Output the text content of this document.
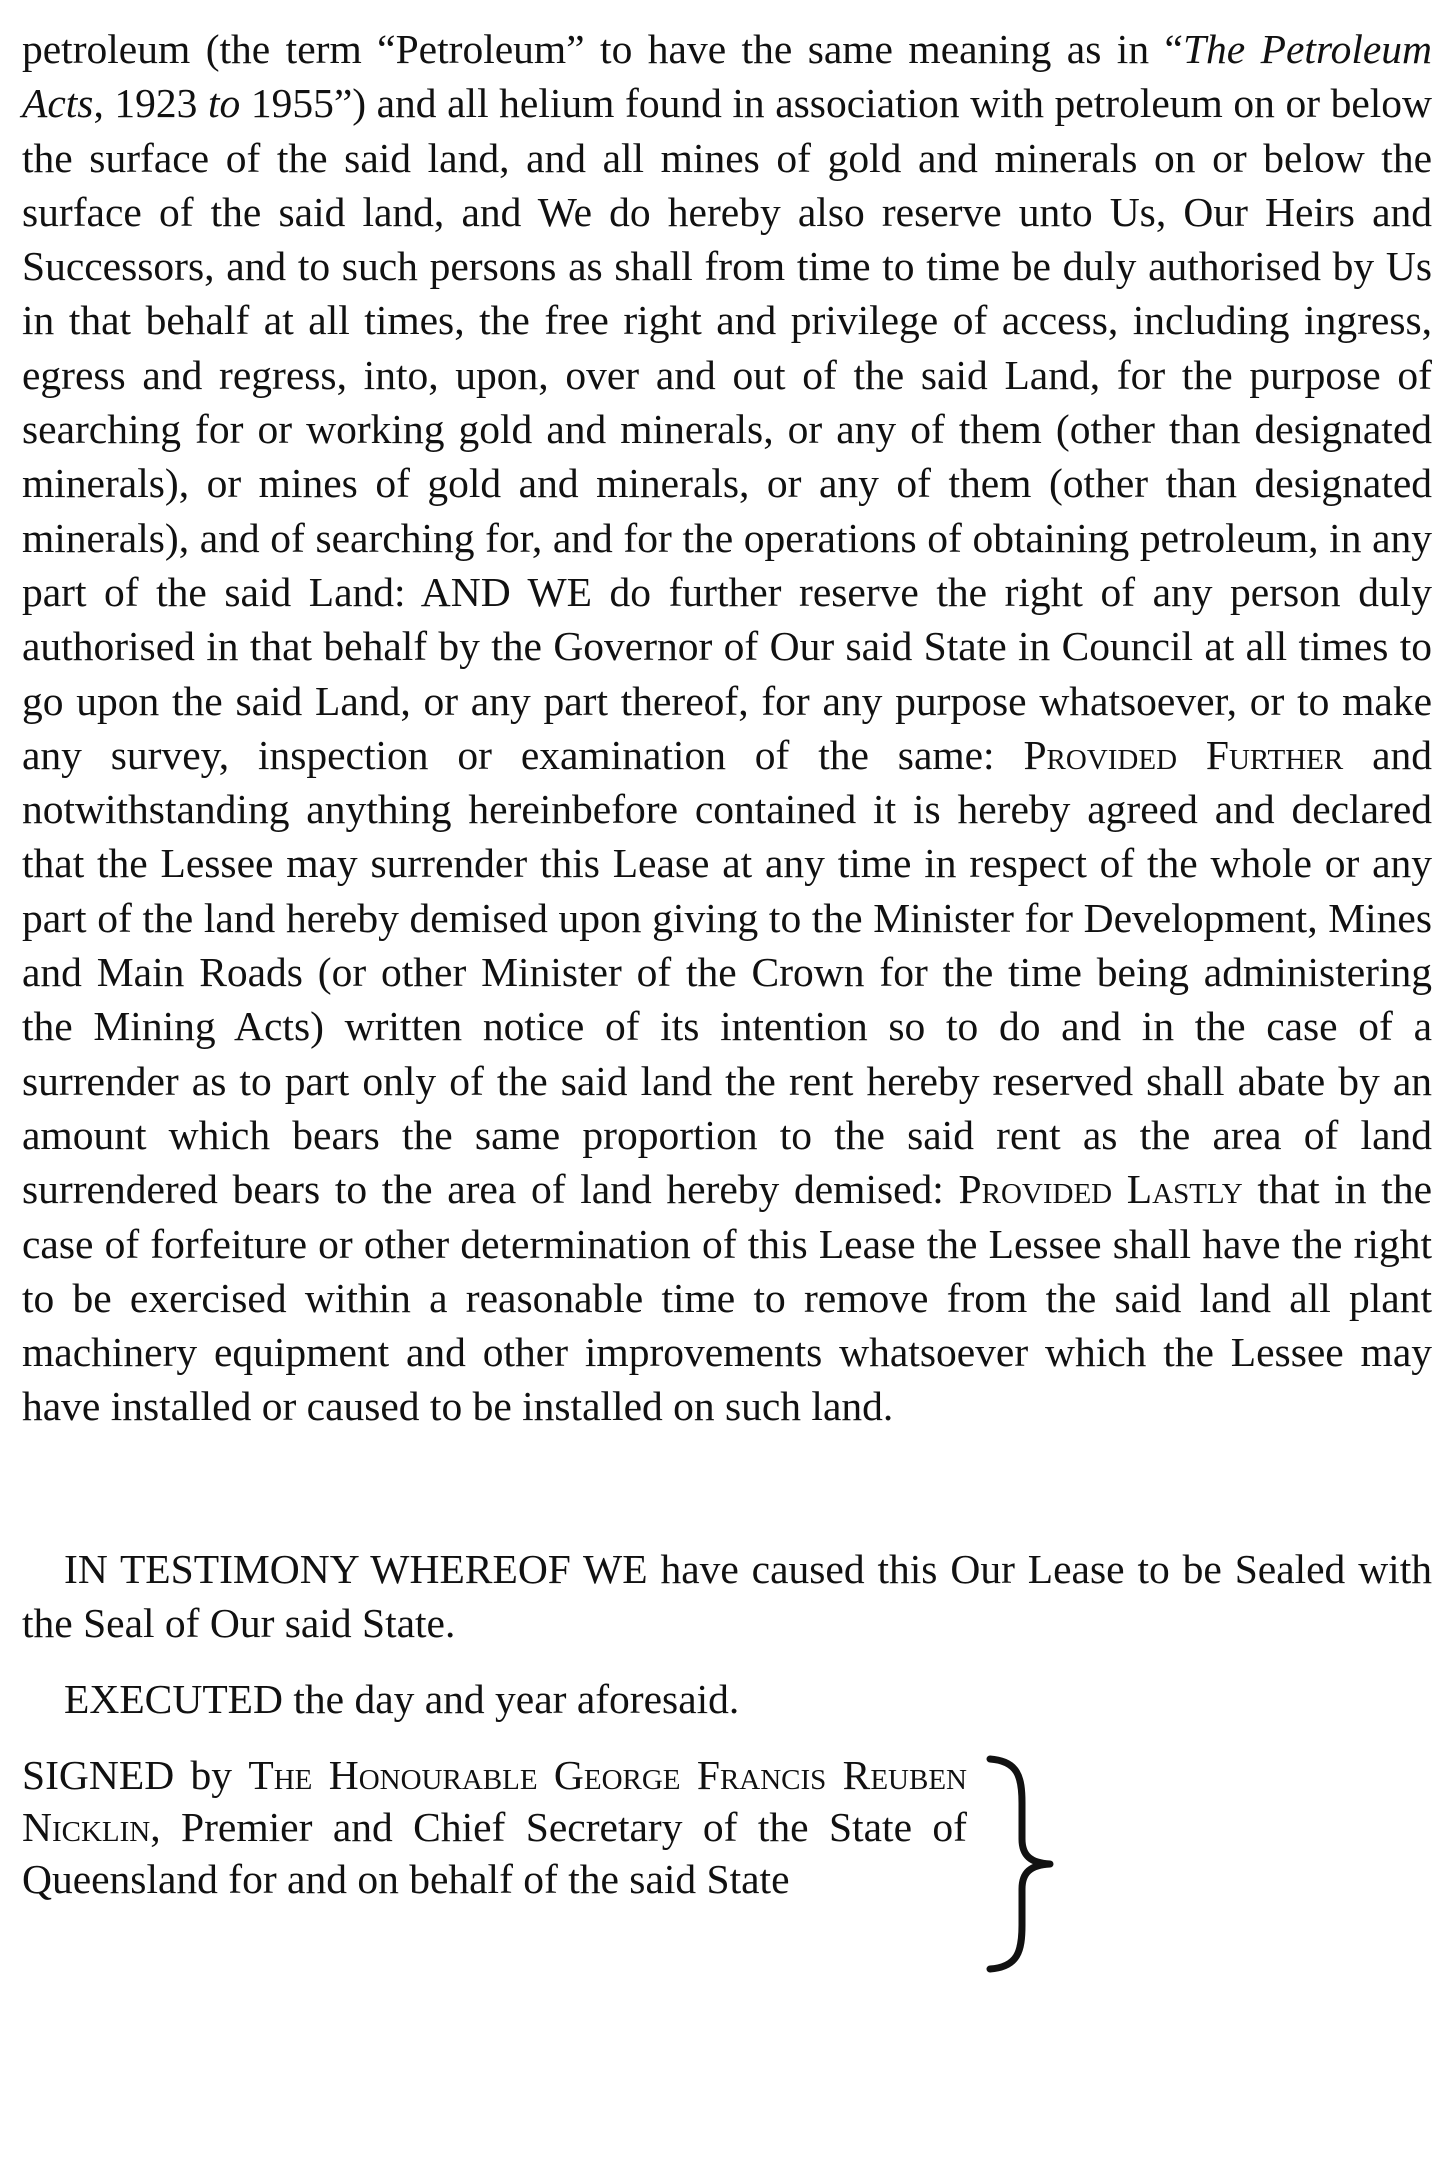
petroleum (the term “Petroleum” to have the same meaning as in “The Petroleum Acts, 1923 to 1955”) and all helium found in association with petroleum on or below the surface of the said land, and all mines of gold and minerals on or below the surface of the said land, and We do hereby also reserve unto Us, Our Heirs and Successors, and to such persons as shall from time to time be duly authorised by Us in that behalf at all times, the free right and privilege of access, including ingress, egress and regress, into, upon, over and out of the said Land, for the purpose of searching for or working gold and minerals, or any of them (other than designated minerals), or mines of gold and minerals, or any of them (other than designated minerals), and of searching for, and for the operations of obtaining petroleum, in any part of the said Land: AND WE do further reserve the right of any person duly authorised in that behalf by the Governor of Our said State in Council at all times to go upon the said Land, or any part thereof, for any purpose whatsoever, or to make any survey, inspection or examination of the same: Provided Further and notwithstanding anything hereinbefore contained it is hereby agreed and declared that the Lessee may surrender this Lease at any time in respect of the whole or any part of the land hereby demised upon giving to the Minister for Development, Mines and Main Roads (or other Minister of the Crown for the time being administering the Mining Acts) written notice of its intention so to do and in the case of a surrender as to part only of the said land the rent hereby reserved shall abate by an amount which bears the same proportion to the said rent as the area of land surrendered bears to the area of land hereby demised: Provided Lastly that in the case of forfeiture or other determination of this Lease the Lessee shall have the right to be exercised within a reasonable time to remove from the said land all plant machinery equipment and other improvements whatsoever which the Lessee may have installed or caused to be installed on such land.

IN TESTIMONY WHEREOF WE have caused this Our Lease to be Sealed with the Seal of Our said State.

EXECUTED the day and year aforesaid.

SIGNED by The Honourable George Francis Reuben Nicklin, Premier and Chief Secretary of the State of Queensland for and on behalf of the said State
